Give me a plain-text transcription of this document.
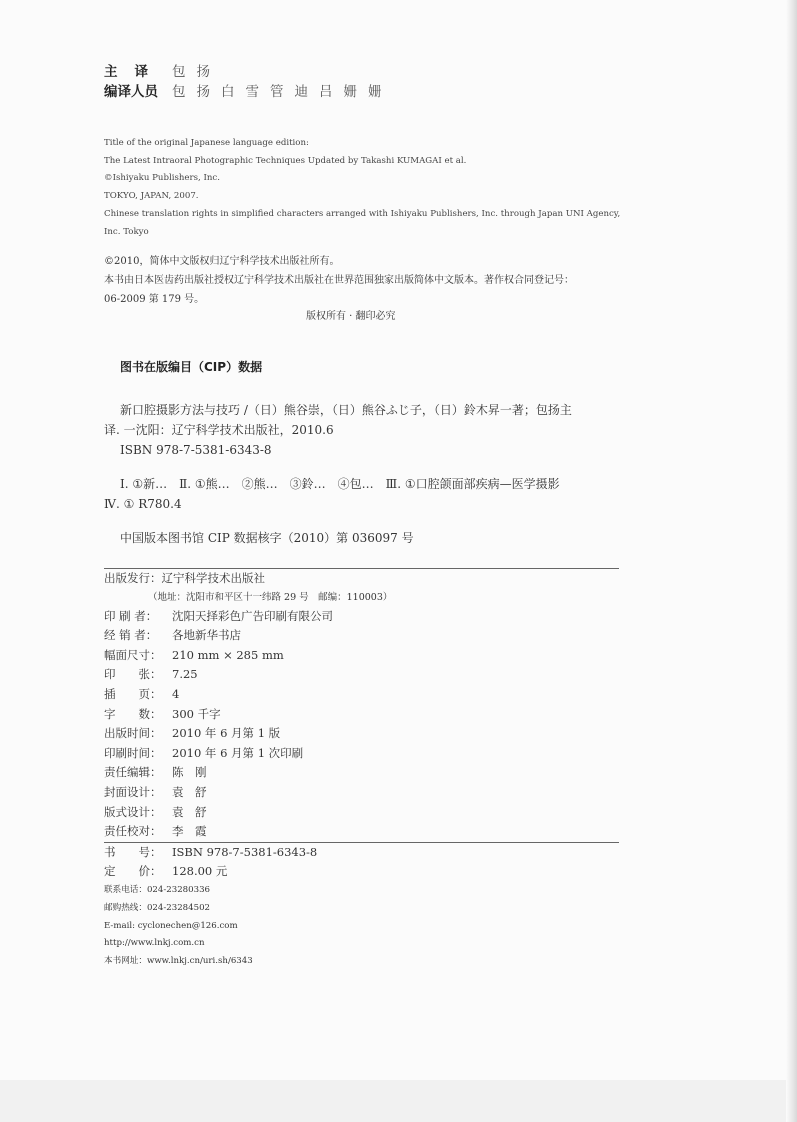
主译 包扬
编译人员 包扬白雪管迪吕姗姗
Title of the original Japanese language edition:
The Latest Intraoral Photographic Techniques Updated by Takashi KUMAGAI et al.
©Ishiyaku Publishers, Inc.
TOKYO, JAPAN, 2007.
Chinese translation rights in simplified characters arranged with Ishiyaku Publishers, Inc. through Japan UNI Agency,
Inc. Tokyo
©2010，简体中文版权归辽宁科学技术出版社所有。
本书由日本医齿药出版社授权辽宁科学技术出版社在世界范围独家出版简体中文版本。著作权合同登记号：
06-2009 第 179 号。
版权所有 · 翻印必究
图书在版编目（CIP）数据
新口腔摄影方法与技巧 /（日）熊谷崇，（日）熊谷ふじ子，（日）鈴木昇一著；包扬主
译. 一沈阳：辽宁科学技术出版社，2010.6
ISBN 978-7-5381-6343-8
Ⅰ. ①新…　Ⅱ. ①熊…　②熊…　③鈴…　④包…　Ⅲ. ①口腔颌面部疾病—医学摄影
Ⅳ. ① R780.4
中国版本图书馆 CIP 数据核字（2010）第 036097 号
出版发行：辽宁科学技术出版社
（地址：沈阳市和平区十一纬路 29 号　邮编：110003）
印 刷 者： 沈阳天择彩色广告印刷有限公司
经 销 者： 各地新华书店
幅面尺寸： 210 mm × 285 mm
印　　张： 7.25
插　　页： 4
字　　数： 300 千字
出版时间： 2010 年 6 月第 1 版
印刷时间： 2010 年 6 月第 1 次印刷
责任编辑： 陈　刚
封面设计： 袁　舒
版式设计： 袁　舒
责任校对： 李　霞
书　　号： ISBN 978-7-5381-6343-8
定　　价： 128.00 元
联系电话：024-23280336
邮购热线：024-23284502
E-mail: cyclonechen@126.com
http://www.lnkj.com.cn
本书网址：www.lnkj.cn/uri.sh/6343
